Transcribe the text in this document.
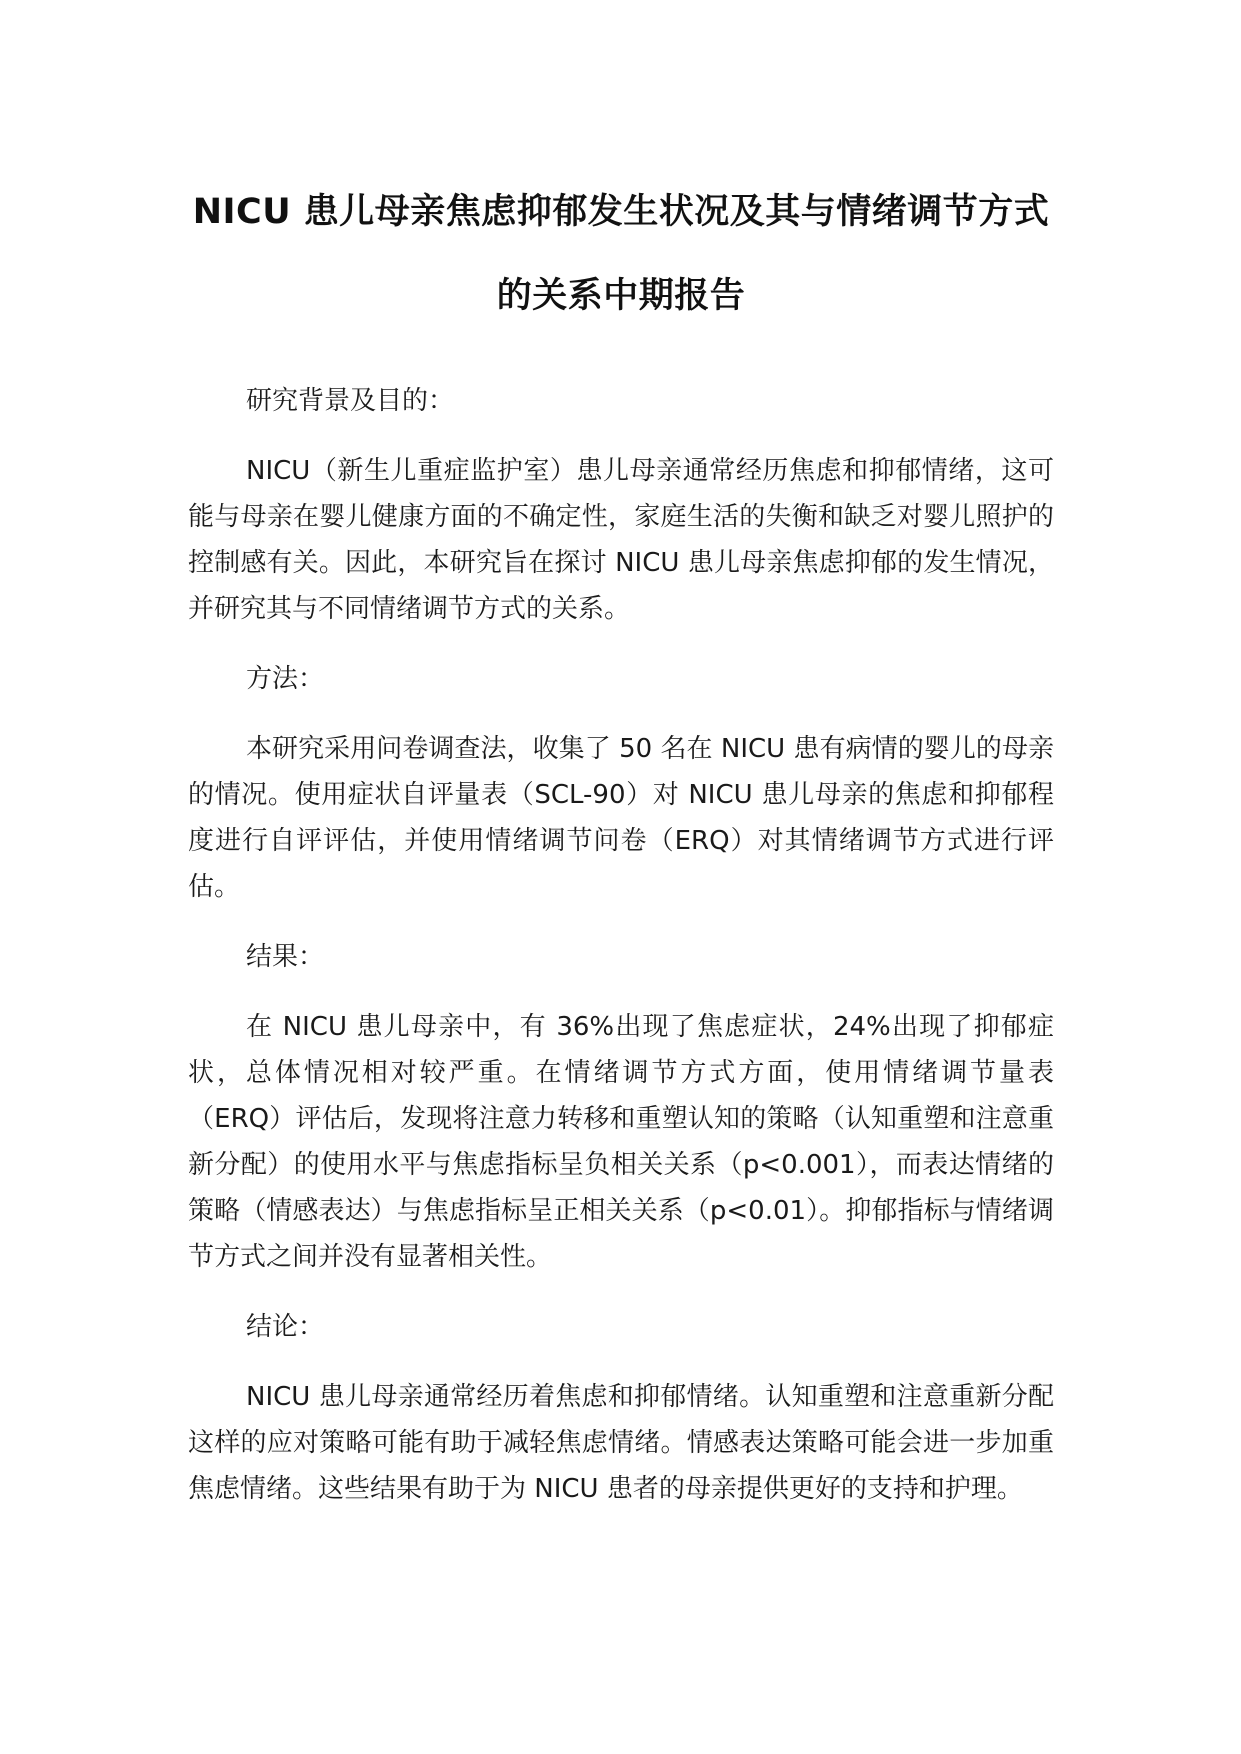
NICU 患儿母亲焦虑抑郁发生状况及其与情绪调节方式的关系中期报告

研究背景及目的：

NICU（新生儿重症监护室）患儿母亲通常经历焦虑和抑郁情绪，这可能与母亲在婴儿健康方面的不确定性，家庭生活的失衡和缺乏对婴儿照护的控制感有关。因此，本研究旨在探讨 NICU 患儿母亲焦虑抑郁的发生情况，并研究其与不同情绪调节方式的关系。

方法：

本研究采用问卷调查法，收集了 50 名在 NICU 患有病情的婴儿的母亲的情况。使用症状自评量表（SCL-90）对 NICU 患儿母亲的焦虑和抑郁程度进行自评评估，并使用情绪调节问卷（ERQ）对其情绪调节方式进行评估。

结果：

在 NICU 患儿母亲中，有 36%出现了焦虑症状，24%出现了抑郁症状，总体情况相对较严重。在情绪调节方式方面，使用情绪调节量表（ERQ）评估后，发现将注意力转移和重塑认知的策略（认知重塑和注意重新分配）的使用水平与焦虑指标呈负相关关系（p<0.001），而表达情绪的策略（情感表达）与焦虑指标呈正相关关系（p<0.01）。抑郁指标与情绪调节方式之间并没有显著相关性。

结论：

NICU 患儿母亲通常经历着焦虑和抑郁情绪。认知重塑和注意重新分配这样的应对策略可能有助于减轻焦虑情绪。情感表达策略可能会进一步加重焦虑情绪。这些结果有助于为 NICU 患者的母亲提供更好的支持和护理。
